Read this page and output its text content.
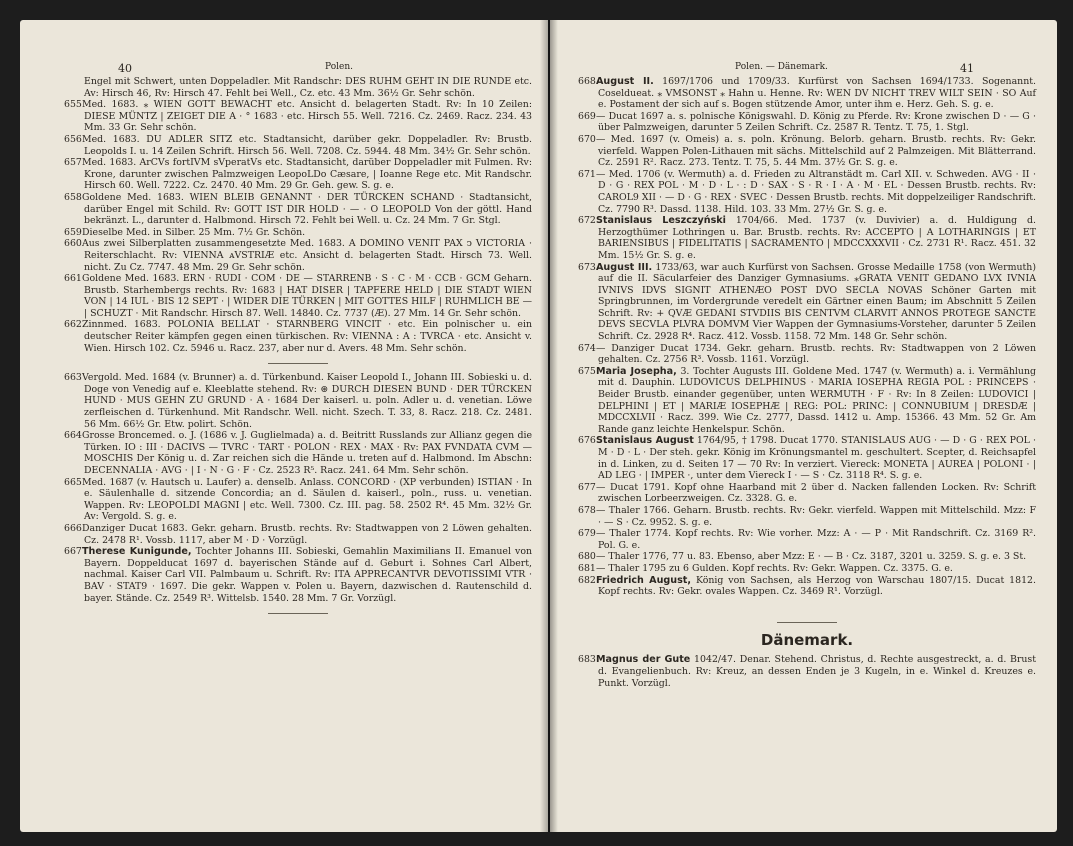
40	Polen.

Engel mit Schwert, unten Doppeladler. Mit Randschr: DES RUHM GEHT IN DIE RUNDE etc. Av: Hirsch 46, Rv: Hirsch 47. Fehlt bei Well., Cz. etc. 43 Mm. 36½ Gr. Sehr schön.

655Med. 1683. ⁎ WIEN GOTT BEWACHT etc. Ansicht d. belagerten Stadt. Rv: In 10 Zeilen: DIESE MÜNTZ | ZEIGET DIE A · ° 1683 · etc. Hirsch 55. Well. 7216. Cz. 2469. Racz. 234. 43 Mm. 33 Gr. Sehr schön.

656Med. 1683. DU ADLER SITZ etc. Stadtansicht, darüber gekr. Doppeladler. Rv: Brustb. Leopolds I. u. 14 Zeilen Schrift. Hirsch 56. Well. 7208. Cz. 5944. 48 Mm. 34½ Gr. Sehr schön.

657Med. 1683. ArCVs fortIVM sVperatVs etc. Stadtansicht, darüber Doppeladler mit Fulmen. Rv: Krone, darunter zwischen Palmzweigen LeopoLDo Cæsare, | Ioanne Rege etc. Mit Randschr. Hirsch 60. Well. 7222. Cz. 2470. 40 Mm. 29 Gr. Geh. gew. S. g. e.

658Goldene Med. 1683. WIEN BLEIB GENANNT · DER TÜRCKEN SCHAND · Stadtansicht, darüber Engel mit Schild. Rv: GOTT IST DIR HOLD · — · O LEOPOLD Von der göttl. Hand bekränzt. L., darunter d. Halbmond. Hirsch 72. Fehlt bei Well. u. Cz. 24 Mm. 7 Gr. Stgl.

659Dieselbe Med. in Silber. 25 Mm. 7½ Gr. Schön.

660Aus zwei Silberplatten zusammengesetzte Med. 1683. A DOMINO VENIT PAX ↄ VICTORIA · Reiterschlacht. Rv: VIENNA ᴀVSTRIÆ etc. Ansicht d. belagerten Stadt. Hirsch 73. Well. nicht. Zu Cz. 7747. 48 Mm. 29 Gr. Sehr schön.

661Goldene Med. 1683. ERN · RUDI · COM · DE — STARRENB · S · C · M · CCB · GCM Geharn. Brustb. Starhembergs rechts. Rv: 1683 | HAT DISER | TAPFERE HELD | DIE STADT WIEN VON | 14 IUL · BIS 12 SEPT · | WIDER DIE TÜRKEN | MIT GOTTES HILF | RUHMLICH BE — | SCHUZT · Mit Randschr. Hirsch 87. Well. 14840. Cz. 7737 (Æ). 27 Mm. 14 Gr. Sehr schön.

662Zinnmed. 1683. POLONIA BELLAT · STARNBERG VINCIT · etc. Ein polnischer u. ein deutscher Reiter kämpfen gegen einen türkischen. Rv: VIENNA : A : TVRCA · etc. Ansicht v. Wien. Hirsch 102. Cz. 5946 u. Racz. 237, aber nur d. Avers. 48 Mm. Sehr schön.

663Vergold. Med. 1684 (v. Brunner) a. d. Türkenbund. Kaiser Leopold I., Johann III. Sobieski u. d. Doge von Venedig auf e. Kleeblatte stehend. Rv: ⊛ DURCH DIESEN BUND · DER TÜRCKEN HUND · MUS GEHN ZU GRUND · A · 1684 Der kaiserl. u. poln. Adler u. d. venetian. Löwe zerfleischen d. Türkenhund. Mit Randschr. Well. nicht. Szech. T. 33, 8. Racz. 218. Cz. 2481. 56 Mm. 66½ Gr. Etw. polirt. Schön.

664Grosse Broncemed. o. J. (1686 v. J. Guglielmada) a. d. Beitritt Russlands zur Allianz gegen die Türken. IO : III · DACIVS — TVRC · TART · POLON · REX · MAX · Rv: PAX FVNDATA CVM — MOSCHIS Der König u. d. Zar reichen sich die Hände u. treten auf d. Halbmond. Im Abschn: DECENNALIA · AVG · | I · N · G · F · Cz. 2523 R⁵. Racz. 241. 64 Mm. Sehr schön.

665Med. 1687 (v. Hautsch u. Laufer) a. denselb. Anlass. CONCORD · (XP verbunden) ISTIAN · In e. Säulenhalle d. sitzende Concordia; an d. Säulen d. kaiserl., poln., russ. u. venetian. Wappen. Rv: LEOPOLDI MAGNI | etc. Well. 7300. Cz. III. pag. 58. 2502 R⁴. 45 Mm. 32½ Gr. Av: Vergold. S. g. e.

666Danziger Ducat 1683. Gekr. geharn. Brustb. rechts. Rv: Stadtwappen von 2 Löwen gehalten. Cz. 2478 R¹. Vossb. 1117, aber M · D · Vorzügl.

667Therese Kunigunde, Tochter Johanns III. Sobieski, Gemahlin Maximilians II. Emanuel von Bayern. Doppelducat 1697 d. bayerischen Stände auf d. Geburt i. Sohnes Carl Albert, nachmal. Kaiser Carl VII. Palmbaum u. Schrift. Rv: ITA APPRECANTVR DEVOTISSIMI VTR · BAV · STAT9 · 1697. Die gekr. Wappen v. Polen u. Bayern, dazwischen d. Rautenschild d. bayer. Stände. Cz. 2549 R³. Wittelsb. 1540. 28 Mm. 7 Gr. Vorzügl.

Polen. — Dänemark.	41

668August II. 1697/1706 und 1709/33. Kurfürst von Sachsen 1694/1733. Sogenannt. Coseldueat. ⁎ VMSONST ⁎ Hahn u. Henne. Rv: WEN DV NICHT TREV WILT SEIN · SO Auf e. Postament der sich auf s. Bogen stützende Amor, unter ihm e. Herz. Geh. S. g. e.

669— Ducat 1697 a. s. polnische Königswahl. D. König zu Pferde. Rv: Krone zwischen D · — G · über Palmzweigen, darunter 5 Zeilen Schrift. Cz. 2587 R. Tentz. T. 75, 1. Stgl.

670— Med. 1697 (v. Omeis) a. s. poln. Krönung. Belorb. geharn. Brustb. rechts. Rv: Gekr. vierfeld. Wappen Polen-Lithauen mit sächs. Mittelschild auf 2 Palmzeigen. Mit Blätterrand. Cz. 2591 R². Racz. 273. Tentz. T. 75, 5. 44 Mm. 37½ Gr. S. g. e.

671— Med. 1706 (v. Wermuth) a. d. Frieden zu Altranstädt m. Carl XII. v. Schweden. AVG · II · D · G · REX POL · M · D · L · : D · SAX · S · R · I · A · M · EL · Dessen Brustb. rechts. Rv: CAROL9 XII · — D · G · REX · SVEC · Dessen Brustb. rechts. Mit doppelzeiliger Randschrift. Cz. 7790 R³. Dassd. 1138. Hild. 103. 33 Mm. 27½ Gr. S. g. e.

672Stanislaus Leszczyński 1704/66. Med. 1737 (v. Duvivier) a. d. Huldigung d. Herzogthümer Lothringen u. Bar. Brustb. rechts. Rv: ACCEPTO | A LOTHARINGIS | ET BARIENSIBUS | FIDELITATIS | SACRAMENTO | MDCCXXXVII · Cz. 2731 R¹. Racz. 451. 32 Mm. 15½ Gr. S. g. e.

673August III. 1733/63, war auch Kurfürst von Sachsen. Grosse Medaille 1758 (von Wermuth) auf die II. Säcularfeier des Danziger Gymnasiums. ⁎GRATA VENIT GEDANO LVX IVNIA IVNIVS IDVS SIGNIT ATHENÆO POST DVO SECLA NOVAS Schöner Garten mit Springbrunnen, im Vordergrunde veredelt ein Gärtner einen Baum; im Abschnitt 5 Zeilen Schrift. Rv: + QVÆ GEDANI STVDIIS BIS CENTVM CLARVIT ANNOS PROTEGE SANCTE DEVS SECVLA PLVRA DOMVM Vier Wappen der Gymnasiums-Vorsteher, darunter 5 Zeilen Schrift. Cz. 2928 R⁴. Racz. 412. Vossb. 1158. 72 Mm. 148 Gr. Sehr schön.

674— Danziger Ducat 1734. Gekr. geharn. Brustb. rechts. Rv: Stadtwappen von 2 Löwen gehalten. Cz. 2756 R³. Vossb. 1161. Vorzügl.

675Maria Josepha, 3. Tochter Augusts III. Goldene Med. 1747 (v. Wermuth) a. i. Vermählung mit d. Dauphin. LUDOVICUS DELPHINUS · MARIA IOSEPHA REGIA POL : PRINCEPS · Beider Brustb. einander gegenüber, unten WERMUTH · F · Rv: In 8 Zeilen: LUDOVICI | DELPHINI | ET | MARIÆ IOSEPHÆ | REG: POL: PRINC: | CONNUBIUM | DRESDÆ | MDCCXLVII · Racz. 399. Wie Cz. 2777, Dassd. 1412 u. Amp. 15366. 43 Mm. 52 Gr. Am Rande ganz leichte Henkelspur. Schön.

676Stanislaus August 1764/95, † 1798. Ducat 1770. STANISLAUS AUG · — D · G · REX POL · M · D · L · Der steh. gekr. König im Krönungsmantel m. geschultert. Scepter, d. Reichsapfel in d. Linken, zu d. Seiten 17 — 70 Rv: In verziert. Viereck: MONETA | AUREA | POLONI · | AD LEG · | IMPER ·, unter dem Viereck I · — S · Cz. 3118 R⁴. S. g. e.

677— Ducat 1791. Kopf ohne Haarband mit 2 über d. Nacken fallenden Locken. Rv: Schrift zwischen Lorbeerzweigen. Cz. 3328. G. e.

678— Thaler 1766. Geharn. Brustb. rechts. Rv: Gekr. vierfeld. Wappen mit Mittelschild. Mzz: F · — S · Cz. 9952. S. g. e.

679— Thaler 1774. Kopf rechts. Rv: Wie vorher. Mzz: A · — P · Mit Randschrift. Cz. 3169 R². Pol. G. e.

680— Thaler 1776, 77 u. 83. Ebenso, aber Mzz: E · — B · Cz. 3187, 3201 u. 3259. S. g. e. 3 St.

681— Thaler 1795 zu 6 Gulden. Kopf rechts. Rv: Gekr. Wappen. Cz. 3375. G. e.

682Friedrich August, König von Sachsen, als Herzog von Warschau 1807/15. Ducat 1812. Kopf rechts. Rv: Gekr. ovales Wappen. Cz. 3469 R¹. Vorzügl.

Dänemark.

683Magnus der Gute 1042/47. Denar. Stehend. Christus, d. Rechte ausgestreckt, a. d. Brust d. Evangelienbuch. Rv: Kreuz, an dessen Enden je 3 Kugeln, in e. Winkel d. Kreuzes e. Punkt. Vorzügl.
